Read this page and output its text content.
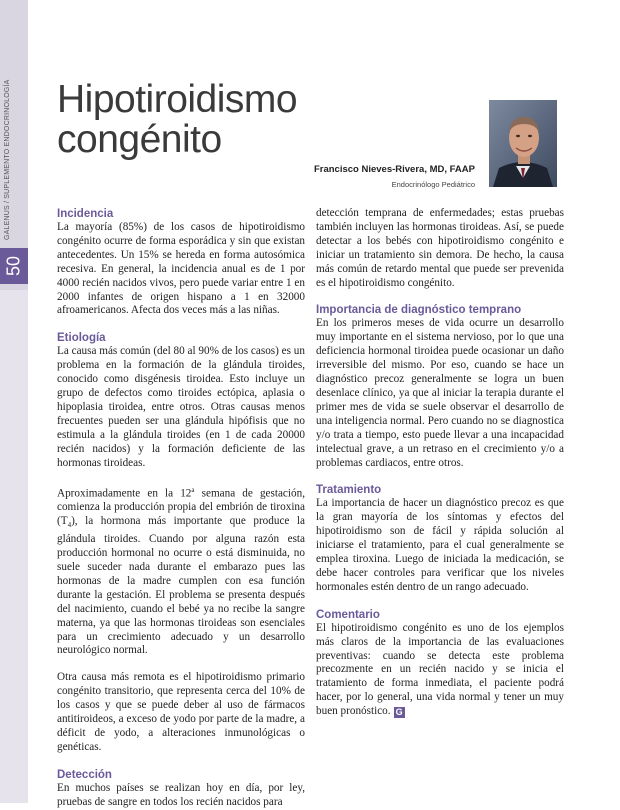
GALENUS / SUPLEMENTO ENDOCRINOLOGÍA
50
Hipotiroidismo
congénito
Francisco Nieves-Rivera, MD, FAAP
Endocrinólogo Pediátrico
Incidencia

La mayoría (85%) de los casos de hipotiroidismo congénito ocurre de forma esporádica y sin que existan antecedentes. Un 15% se hereda en forma autosómica recesiva. En general, la incidencia anual es de 1 por 4000 recién nacidos vivos, pero puede variar entre 1 en 2000 infantes de origen hispano a 1 en 32000 afroamericanos. Afecta dos veces más a las niñas.

Etiología

La causa más común (del 80 al 90% de los casos) es un problema en la formación de la glándula tiroides, conocido como disgénesis tiroidea. Esto incluye un grupo de defectos como tiroides ectópica, aplasia o hipoplasia tiroidea, entre otros. Otras causas menos frecuentes pueden ser una glándula hipófisis que no estimula a la glándula tiroides (en 1 de cada 20000 recién nacidos) y la formación deficiente de las hormonas tiroideas.

Aproximadamente en la 12$^a$ semana de gestación, comienza la producción propia del embrión de tiroxina $(T_4)$, la hormona más importante que produce la glándula tiroides. Cuando por alguna razón esta producción hormonal no ocurre o está disminuida, no suele suceder nada durante el embarazo pues las hormonas de la madre cumplen con esa función durante la gestación. El problema se presenta después del nacimiento, cuando el bebé ya no recibe la sangre materna, ya que las hormonas tiroideas son esenciales para un crecimiento adecuado y un desarrollo neurológico normal.

Otra causa más remota es el hipotiroidismo primario congénito transitorio, que representa cerca del 10% de los casos y que se puede deber al uso de fármacos antitiroideos, a exceso de yodo por parte de la madre, a déficit de yodo, a alteraciones inmunológicas o genéticas.

Detección

En muchos países se realizan hoy en día, por ley, pruebas de sangre en todos los recién nacidos para

detección temprana de enfermedades; estas pruebas también incluyen las hormonas tiroideas. Así, se puede detectar a los bebés con hipotiroidismo congénito e iniciar un tratamiento sin demora. De hecho, la causa más común de retardo mental que puede ser prevenida es el hipotiroidismo congénito.

Importancia de diagnóstico temprano

En los primeros meses de vida ocurre un desarrollo muy importante en el sistema nervioso, por lo que una deficiencia hormonal tiroidea puede ocasionar un daño irreversible del mismo. Por eso, cuando se hace un diagnóstico precoz generalmente se logra un buen desenlace clínico, ya que al iniciar la terapia durante el primer mes de vida se suele observar el desarrollo de una inteligencia normal. Pero cuando no se diagnostica y/o trata a tiempo, esto puede llevar a una incapacidad intelectual grave, a un retraso en el crecimiento y/o a problemas cardiacos, entre otros.

Tratamiento

La importancia de hacer un diagnóstico precoz es que la gran mayoría de los síntomas y efectos del hipotiroidismo son de fácil y rápida solución al iniciarse el tratamiento, para el cual generalmente se emplea tiroxina. Luego de iniciada la medicación, se debe hacer controles para verificar que los niveles hormonales estén dentro de un rango adecuado.

Comentario

El hipotiroidismo congénito es uno de los ejemplos más claros de la importancia de las evaluaciones preventivas: cuando se detecta este problema precozmente en un recién nacido y se inicia el tratamiento de forma inmediata, el paciente podrá hacer, por lo general, una vida normal y tener un muy buen pronóstico. G
